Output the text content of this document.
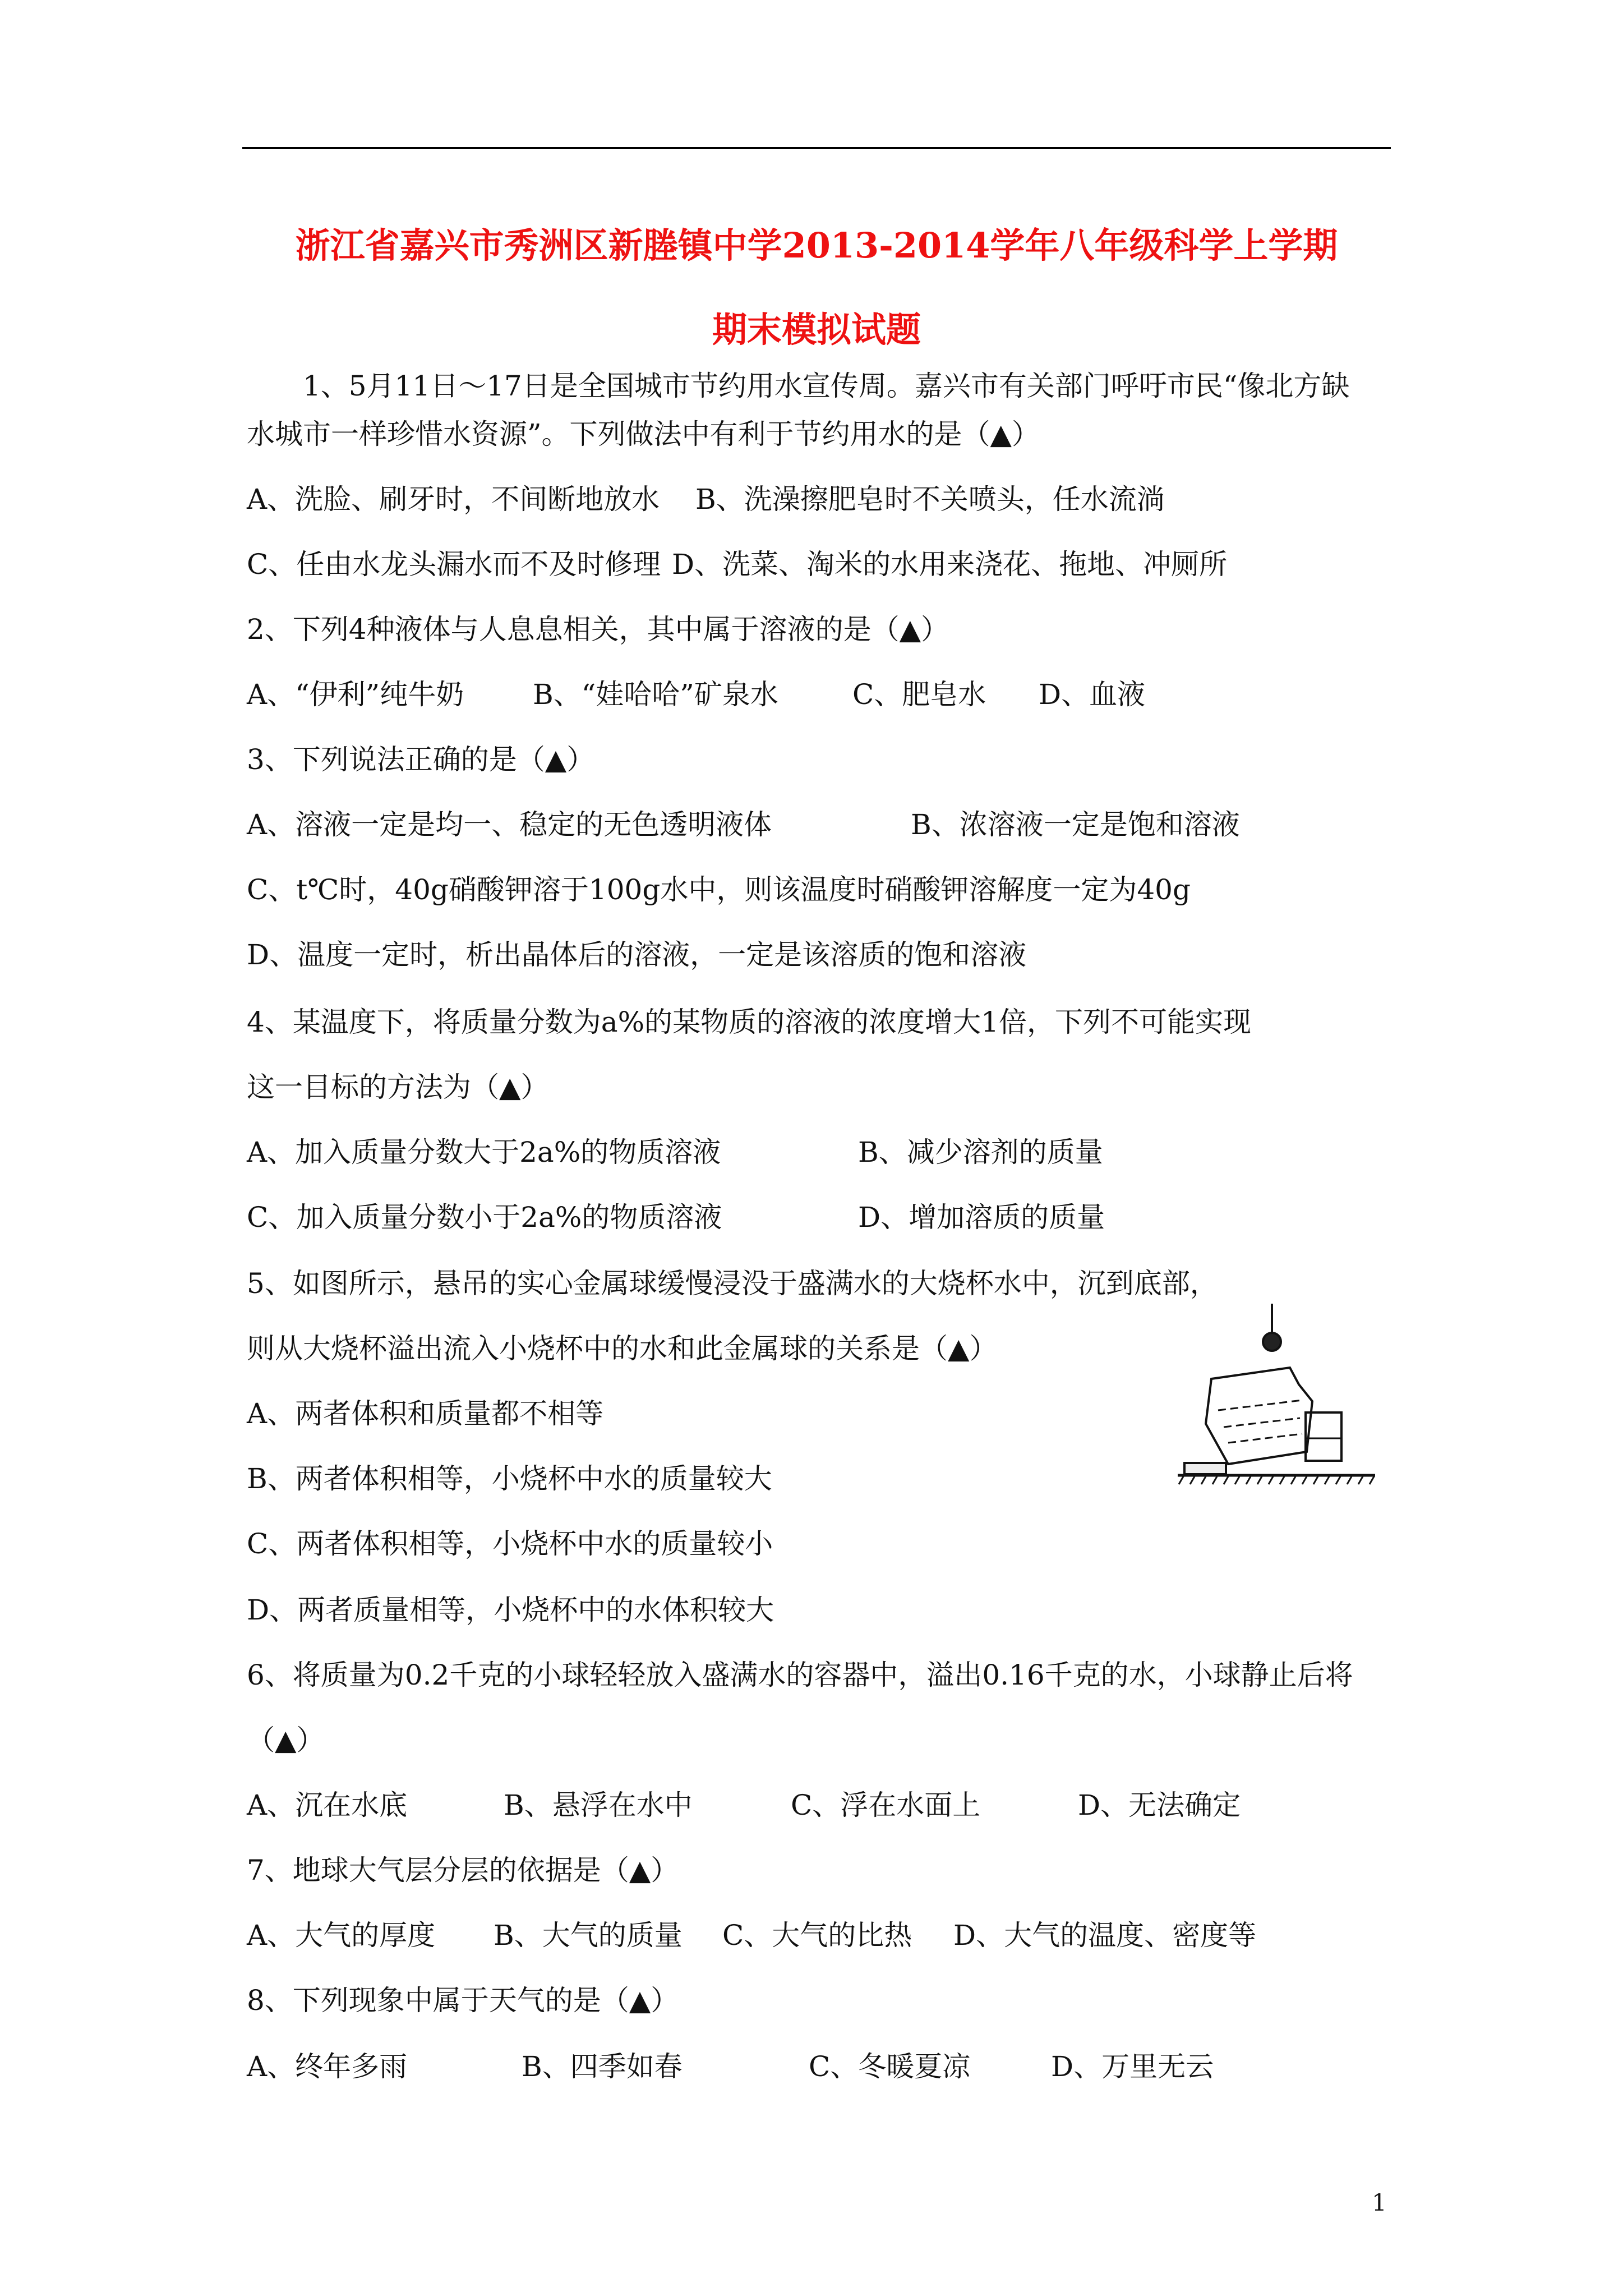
浙江省嘉兴市秀洲区新塍镇中学2013-2014学年八年级科学上学期
期末模拟试题
1、5月11日～17日是全国城市节约用水宣传周。嘉兴市有关部门呼吁市民“像北方缺
水城市一样珍惜水资源”。下列做法中有利于节约用水的是（▲）
A、洗脸、刷牙时，不间断地放水 B、洗澡擦肥皂时不关喷头，任水流淌
C、任由水龙头漏水而不及时修理 D、洗菜、淘米的水用来浇花、拖地、冲厕所
2、下列4种液体与人息息相关，其中属于溶液的是（▲）
A、“伊利”纯牛奶 B、“娃哈哈”矿泉水	C、肥皂水 D、血液
3、下列说法正确的是（▲）
A、溶液一定是均一、稳定的无色透明液体	B、浓溶液一定是饱和溶液
C、t℃时，40g硝酸钾溶于100g水中，则该温度时硝酸钾溶解度一定为40g
D、温度一定时，析出晶体后的溶液，一定是该溶质的饱和溶液
4、某温度下，将质量分数为a%的某物质的溶液的浓度增大1倍，下列不可能实现
这一目标的方法为（▲）
A、加入质量分数大于2a%的物质溶液	B、减少溶剂的质量
C、加入质量分数小于2a%的物质溶液	D、增加溶质的质量
5、如图所示，悬吊的实心金属球缓慢浸没于盛满水的大烧杯水中，沉到底部，
则从大烧杯溢出流入小烧杯中的水和此金属球的关系是（▲）
A、两者体积和质量都不相等
B、两者体积相等，小烧杯中水的质量较大
C、两者体积相等，小烧杯中水的质量较小
D、两者质量相等，小烧杯中的水体积较大
6、将质量为0.2千克的小球轻轻放入盛满水的容器中，溢出0.16千克的水，小球静止后将
（▲）
A、沉在水底	B、悬浮在水中	C、浮在水面上	D、无法确定
7、地球大气层分层的依据是（▲）
A、大气的厚度 B、大气的质量 C、大气的比热 D、大气的温度、密度等
8、下列现象中属于天气的是（▲）
A、终年多雨	B、四季如春	C、冬暖夏凉	D、万里无云
1
